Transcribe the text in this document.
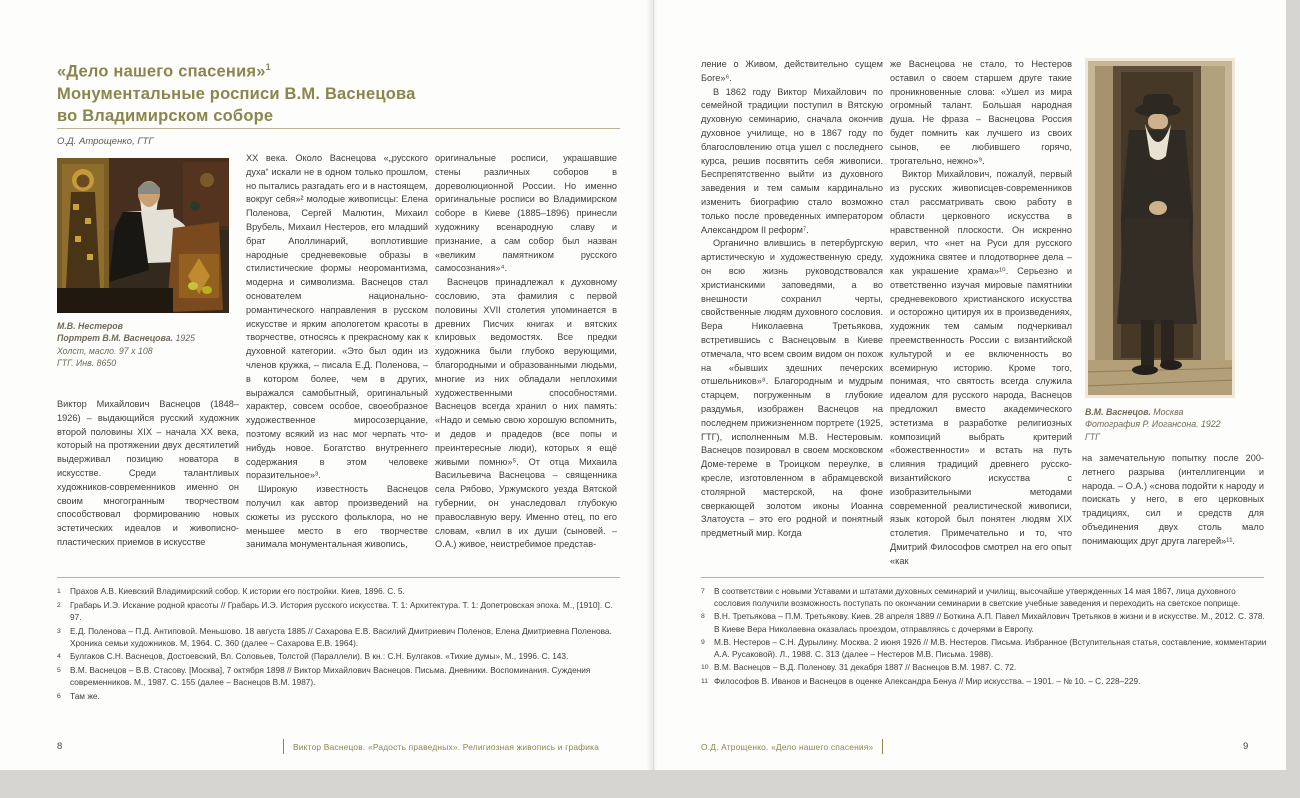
«Дело нашего спасения»$^1$
Монументальные росписи В.М. Васнецова
во Владимирском соборе
О.Д. Атрощенко, ГТГ
М.В. Нестеров
Портрет В.М. Васнецова. 1925
Холст, масло. 97 х 108
ГТГ. Инв. 8650

Виктор Михайлович Васнецов (1848–1926) – выдающийся русский художник второй половины XIX – начала XX века, который на протяжении двух десятилетий выдерживал позицию новатора в искусстве. Среди талантливых художников-современников именно он своим многогранным творчеством способствовал формированию новых эстетических идеалов и живописно-пластических приемов в искусстве

XX века. Около Васнецова «„русского духа“ искали не в одном только прошлом, но пытались разгадать его и в настоящем, вокруг себя»² молодые живописцы: Елена Поленова, Сергей Малютин, Михаил Врубель, Михаил Нестеров, его младший брат Аполлинарий, воплотившие народные средневековые образы в стилистические формы неоромантизма, модерна и символизма. Васнецов стал основателем национально-романтического направления в русском искусстве и ярким апологетом красоты в творчестве, относясь к прекрасному как к духовной категории. «Это был один из членов кружка, – писала Е.Д. Поленова, – в котором более, чем в других, выражался самобытный, оригинальный характер, совсем особое, своеобразное художественное миросозерцание, поэтому всякий из нас мог черпать что-нибудь новое. Богатство внутреннего содержания в этом человеке поразительное»³.

Широкую известность Васнецов получил как автор произведений на сюжеты из русского фольклора, но не меньшее место в его творчестве занимала монументальная живопись,

оригинальные росписи, украшавшие стены различных соборов в дореволюционной России. Но именно оригинальные росписи во Владимирском соборе в Киеве (1885–1896) принесли художнику всенародную славу и признание, а сам собор был назван «великим памятником русского самосознания»⁴.

Васнецов принадлежал к духовному сословию, эта фамилия с первой половины XVII столетия упоминается в древних Писчих книгах и вятских клировых ведомостях. Все предки художника были глубоко верующими, благородными и образованными людьми, многие из них обладали неплохими художественными способностями. Васнецов всегда хранил о них память: «Надо и семью свою хорошую вспомнить, и дедов и прадедов (все попы и преинтересные люди), которых я ещё живыми помню»⁵. От отца Михаила Васильевича Васнецова – священника села Рябово, Уржумского уезда Вятской губернии, он унаследовал глубокую православную веру. Именно отец, по его словам, «влил в их души (сыновей. – О.А.) живое, неистребимое представ-

1	Прахов А.В. Киевский Владимирский собор. К истории его постройки. Киев, 1896. С. 5.
2	Грабарь И.Э. Искание родной красоты // Грабарь И.Э. История русского искусства. Т. 1: Архитектура. Т. 1: Допетровская эпоха. М., [1910]. С. 97.
3	Е.Д. Поленова – П.Д. Антиповой. Меньшово. 18 августа 1885 // Сахарова Е.В. Василий Дмитриевич Поленов, Елена Дмитриевна Поленова. Хроника семьи художников. М, 1964. С. 360 (далее – Сахарова Е.В. 1964).
4	Булгаков С.Н. Васнецов, Достоевский, Вл. Соловьев, Толстой (Параллели). В кн.: С.Н. Булгаков. «Тихие думы», М., 1996. С. 143.
5	В.М. Васнецов – В.В. Стасову. [Москва], 7 октября 1898 // Виктор Михайлович Васнецов. Письма. Дневники. Воспоминания. Суждения современников. М., 1987. С. 155 (далее – Васнецов В.М. 1987).
6	Там же.
8	Виктор Васнецов. «Радость праведных». Религиозная живопись и графика

ление о Живом, действительно сущем Боге»⁶.

В 1862 году Виктор Михайлович по семейной традиции поступил в Вятскую духовную семинарию, сначала окончив духовное училище, но в 1867 году по благословлению отца ушел с последнего курса, решив посвятить себя живописи. Беспрепятственно выйти из духовного заведения и тем самым кардинально изменить биографию стало возможно только после проведенных императором Александром II реформ⁷.

Органично влившись в петербургскую артистическую и художественную среду, он всю жизнь руководствовался христианскими заповедями, а во внешности сохранил черты, свойственные людям духовного сословия. Вера Николаевна Третьякова, встретившись с Васнецовым в Киеве отмечала, что всем своим видом он похож на «бывших здешних печерских отшельников»⁸. Благородным и мудрым старцем, погруженным в глубокие раздумья, изображен Васнецов на последнем прижизненном портрете (1925, ГТГ), исполненным М.В. Нестеровым. Васнецов позировал в своем московском Доме-тереме в Троицком переулке, в кресле, изготовленном в абрамцевской столярной мастерской, на фоне сверкающей золотом иконы Иоанна Златоуста – это его родной и понятный предметный мир. Когда

же Васнецова не стало, то Нестеров оставил о своем старшем друге такие проникновенные слова: «Ушел из мира огромный талант. Большая народная душа. Не фраза – Васнецова Россия будет помнить как лучшего из своих сынов, ее любившего горячо, трогательно, нежно»⁹.

Виктор Михайлович, пожалуй, первый из русских живописцев-современников стал рассматривать свою работу в области церковного искусства в нравственной плоскости. Он искренно верил, что «нет на Руси для русского художника святее и плодотворнее дела – как украшение храма»¹⁰. Серьезно и ответственно изучая мировые памятники средневекового христианского искусства и осторожно цитируя их в произведениях, художник тем самым подчеркивал преемственность России с византийской культурой и ее включенность во всемирную историю. Кроме того, понимая, что святость всегда служила идеалом для русского народа, Васнецов предложил вместо академического эстетизма в разработке религиозных композиций выбрать критерий «божественности» и встать на путь слияния традиций древнего русско-византийского искусства с изобразительными методами современной реалистической живописи, язык которой был понятен людям XIX столетия. Примечательно и то, что Дмитрий Философов смотрел на его опыт «как

В.М. Васнецов. Москва
Фотография Р. Иогансона. 1922
ГТГ

на замечательную попытку после 200-летнего разрыва (интеллигенции и народа. – О.А.) «снова подойти к народу и поискать у него, в его церковных традициях, сил и средств для объединения двух столь мало понимающих друг друга лагерей»¹¹.

7	В соответствии с новыми Уставами и штатами духовных семинарий и училищ, высочайше утвержденных 14 мая 1867, лица духовного сословия получили возможность поступать по окончании семинарии в светские учебные заведения и переходить на светское поприще.
8	В.Н. Третьякова – П.М. Третьякову. Киев. 28 апреля 1889 // Боткина А.П. Павел Михайлович Третьяков в жизни и в искусстве. М., 2012. С. 378. В Киеве Вера Николаевна оказалась проездом, отправляясь с дочерями в Европу.
9	М.В. Нестеров – С.Н. Дурылину. Москва. 2 июня 1926 // М.В. Нестеров. Письма. Избранное (Вступительная статья, составление, комментарии А.А. Русаковой). Л., 1988. С. 313 (далее – Нестеров М.В. Письма. 1988).
10 В.М. Васнецов – В.Д. Поленову. 31 декабря 1887 // Васнецов В.М. 1987. С. 72.
11 Философов В. Иванов и Васнецов в оценке Александра Бенуа // Мир искусства. – 1901. – № 10. – С. 228–229.
О.Д. Атрощенко. «Дело нашего спасения»	9
